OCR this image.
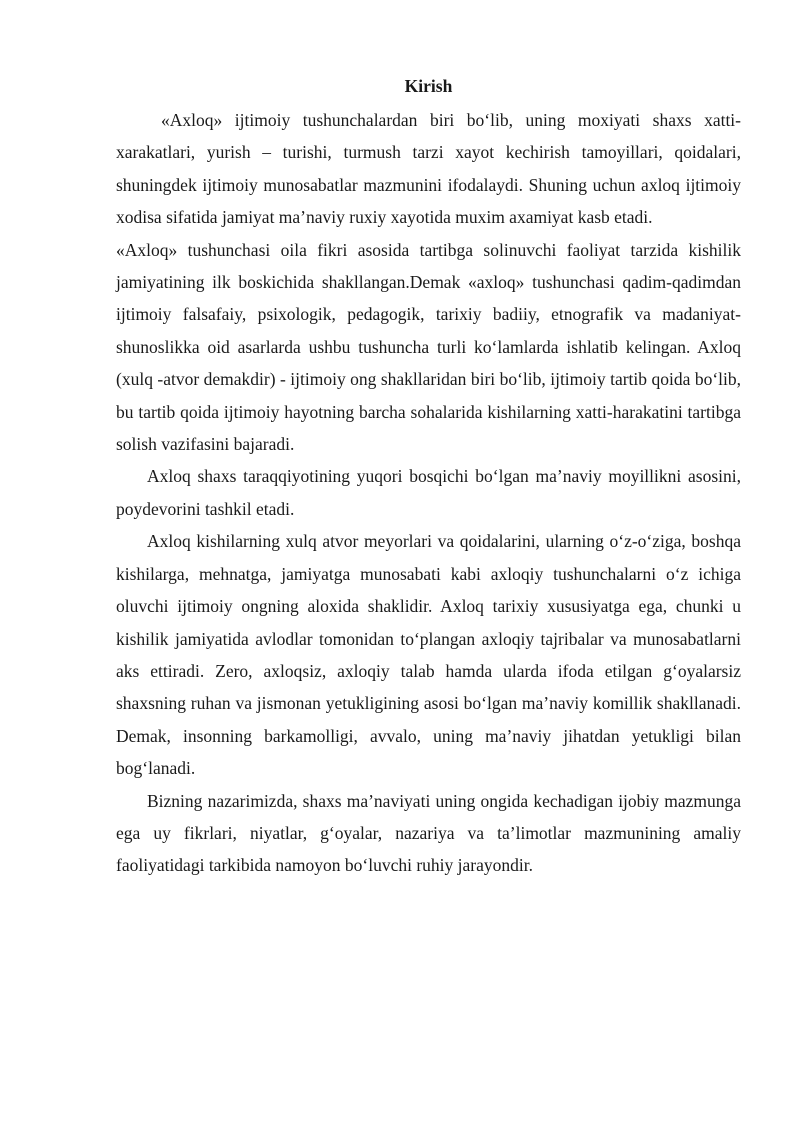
Kirish

«Axloq» ijtimoiy tushunchalardan biri boʻlib, uning moxiyati shaxs xatti-xarakatlari, yurish – turishi, turmush tarzi xayot kechirish tamoyillari, qoidalari, shuningdek ijtimoiy munosabatlar mazmunini ifodalaydi. Shuning uchun axloq ijtimoiy xodisa sifatida jamiyat ma’naviy ruxiy xayotida muxim axamiyat kasb etadi.

«Axloq» tushunchasi oila fikri asosida tartibga solinuvchi faoliyat tarzida kishilik jamiyatining ilk boskichida shakllangan.Demak «axloq» tushunchasi qadim-qadimdan ijtimoiy falsafaiy, psixologik, pedagogik, tarixiy badiiy, etnografik va madaniyat-shunoslikka oid asarlarda ushbu tushuncha turli koʻlamlarda ishlatib kelingan. Axloq (xulq -atvor demakdir) - ijtimoiy ong shakllaridan biri boʻlib, ijtimoiy tartib qoida boʻlib, bu tartib qoida ijtimoiy hayotning barcha sohalarida kishilarning xatti-harakatini tartibga solish vazifasini bajaradi.

Axloq shaxs taraqqiyotining yuqori bosqichi boʻlgan ma’naviy moyillikni asosini, poydevorini tashkil etadi.

Axloq kishilarning xulq atvor meyorlari va qoidalarini, ularning oʻz-oʻziga, boshqa kishilarga, mehnatga, jamiyatga munosabati kabi axloqiy tushunchalarni oʻz ichiga oluvchi ijtimoiy ongning aloxida shaklidir. Axloq tarixiy xususiyatga ega, chunki u kishilik jamiyatida avlodlar tomonidan toʻplangan axloqiy tajribalar va munosabatlarni aks ettiradi. Zero, axloqsiz, axloqiy talab hamda ularda ifoda etilgan gʻoyalarsiz shaxsning ruhan va jismonan yetukligining asosi boʻlgan ma’naviy komillik shakllanadi. Demak, insonning barkamolligi, avvalo, uning ma’naviy jihatdan yetukligi bilan bogʻlanadi.

Bizning nazarimizda, shaxs ma’naviyati uning ongida kechadigan ijobiy mazmunga ega uy fikrlari, niyatlar, gʻoyalar, nazariya va ta’limotlar mazmunining amaliy faoliyatidagi tarkibida namoyon boʻluvchi ruhiy jarayondir.
